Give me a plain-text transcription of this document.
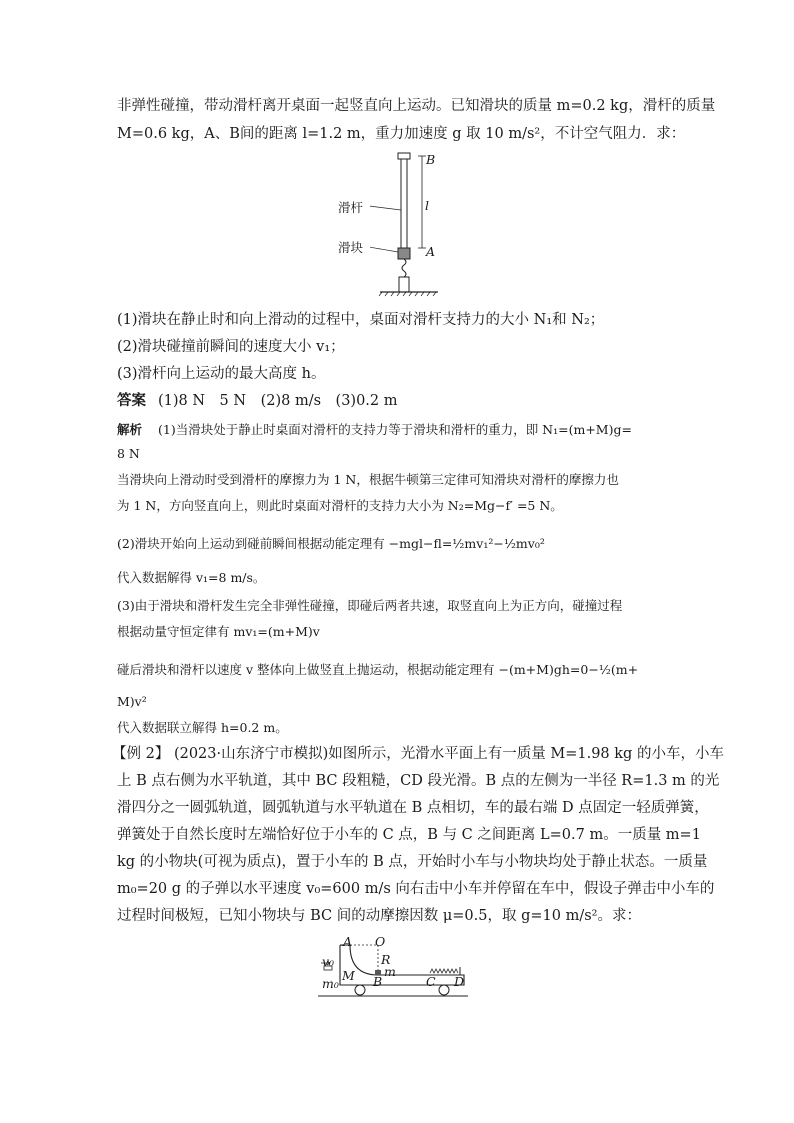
非弹性碰撞，带动滑杆离开桌面一起竖直向上运动。已知滑块的质量 m=0.2 kg，滑杆的质量
M=0.6 kg，A、B间的距离 l=1.2 m，重力加速度 g 取 10 m/s²，不计空气阻力．求：
B
l
滑杆
滑块	A
(1)滑块在静止时和向上滑动的过程中，桌面对滑杆支持力的大小 N₁和 N₂；
(2)滑块碰撞前瞬间的速度大小 v₁；
(3)滑杆向上运动的最大高度 h。
答案 (1)8 N　5 N　(2)8 m/s　(3)0.2 m
解析 (1)当滑块处于静止时桌面对滑杆的支持力等于滑块和滑杆的重力，即 N₁=(m+M)g=
8 N
当滑块向上滑动时受到滑杆的摩擦力为 1 N，根据牛顿第三定律可知滑块对滑杆的摩擦力也
为 1 N，方向竖直向上，则此时桌面对滑杆的支持力大小为 N₂=Mg−f′ =5 N。
(2)滑块开始向上运动到碰前瞬间根据动能定理有 −mgl−fl=½mv₁²−½mv₀²
代入数据解得 v₁=8 m/s。
(3)由于滑块和滑杆发生完全非弹性碰撞，即碰后两者共速，取竖直向上为正方向，碰撞过程
根据动量守恒定律有 mv₁=(m+M)v
碰后滑块和滑杆以速度 v 整体向上做竖直上抛运动，根据动能定理有 −(m+M)gh=0−½(m+
M)v²
代入数据联立解得 h=0.2 m。
【例 2】 (2023·山东济宁市模拟)如图所示，光滑水平面上有一质量 M=1.98 kg 的小车，小车
上 B 点右侧为水平轨道，其中 BC 段粗糙，CD 段光滑。B 点的左侧为一半径 R=1.3 m 的光
滑四分之一圆弧轨道，圆弧轨道与水平轨道在 B 点相切，车的最右端 D 点固定一轻质弹簧，
弹簧处于自然长度时左端恰好位于小车的 C 点，B 与 C 之间距离 L=0.7 m。一质量 m=1
kg 的小物块(可视为质点)，置于小车的 B 点，开始时小车与小物块均处于静止状态。一质量
m₀=20 g 的子弹以水平速度 v₀=600 m/s 向右击中小车并停留在车中，假设子弹击中小车的
过程时间极短，已知小物块与 BC 间的动摩擦因数 μ=0.5，取 g=10 m/s²。求：
A O
R
m
M B	C D
v₀
m₀
